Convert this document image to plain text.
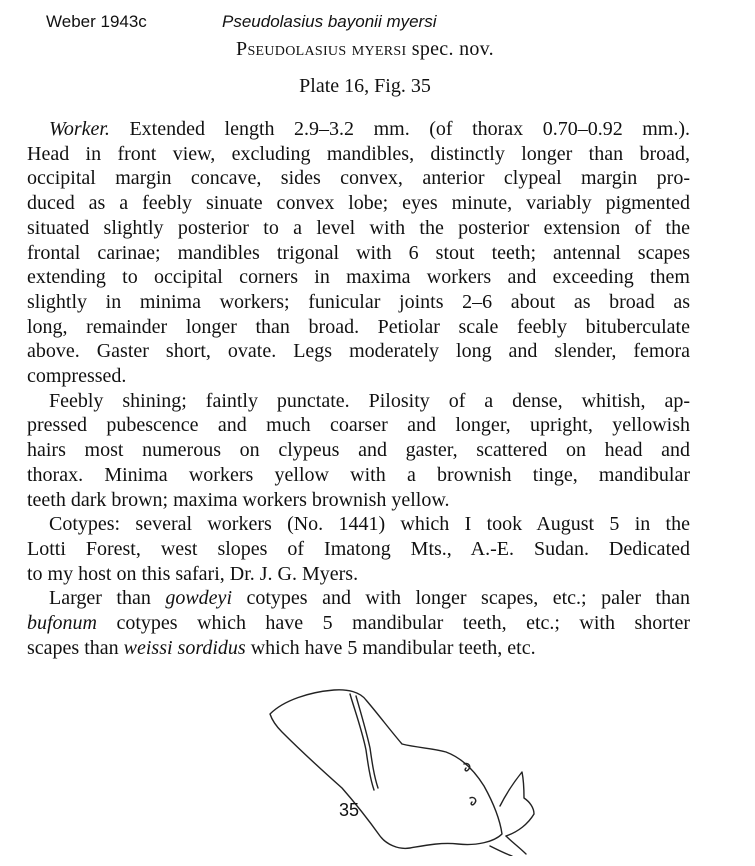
Weber 1943c	Pseudolasius bayonii myersi
Pseudolasius myersi spec. nov.
Plate 16, Fig. 35
Worker. Extended length 2.9–3.2 mm. (of thorax 0.70–0.92 mm.).
Head in front view, excluding mandibles, distinctly longer than broad,
occipital margin concave, sides convex, anterior clypeal margin pro-
duced as a feebly sinuate convex lobe; eyes minute, variably pigmented
situated slightly posterior to a level with the posterior extension of the
frontal carinae; mandibles trigonal with 6 stout teeth; antennal scapes
extending to occipital corners in maxima workers and exceeding them
slightly in minima workers; funicular joints 2–6 about as broad as
long, remainder longer than broad. Petiolar scale feebly bituberculate
above. Gaster short, ovate. Legs moderately long and slender, femora
compressed.
Feebly shining; faintly punctate. Pilosity of a dense, whitish, ap-
pressed pubescence and much coarser and longer, upright, yellowish
hairs most numerous on clypeus and gaster, scattered on head and
thorax. Minima workers yellow with a brownish tinge, mandibular
teeth dark brown; maxima workers brownish yellow.
Cotypes: several workers (No. 1441) which I took August 5 in the
Lotti Forest, west slopes of Imatong Mts., A.-E. Sudan. Dedicated
to my host on this safari, Dr. J. G. Myers.
Larger than gowdeyi cotypes and with longer scapes, etc.; paler than
bufonum cotypes which have 5 mandibular teeth, etc.; with shorter
scapes than weissi sordidus which have 5 mandibular teeth, etc.
35
